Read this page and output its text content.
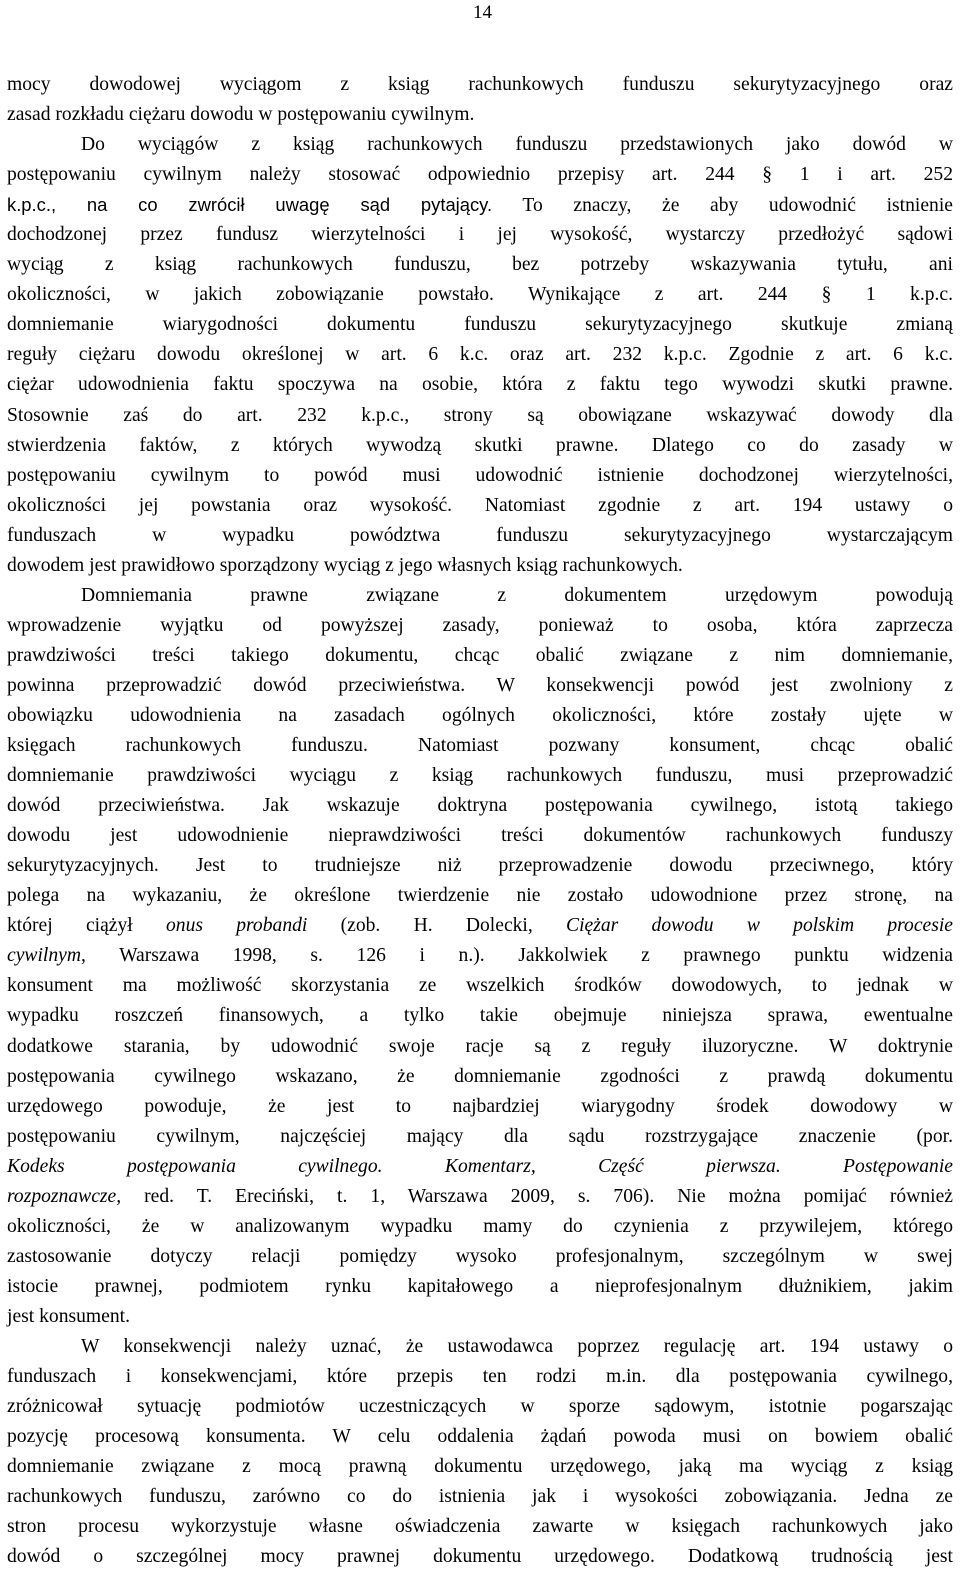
14
mocy dowodowej wyciągom z ksiąg rachunkowych funduszu sekurytyzacyjnego oraz
zasad rozkładu ciężaru dowodu w postępowaniu cywilnym.
Do wyciągów z ksiąg rachunkowych funduszu przedstawionych jako dowód w
postępowaniu cywilnym należy stosować odpowiednio przepisy art. 244 § 1 i art. 252
k.p.c., na co zwrócił uwagę sąd pytający. To znaczy, że aby udowodnić istnienie
dochodzonej przez fundusz wierzytelności i jej wysokość, wystarczy przedłożyć sądowi
wyciąg z ksiąg rachunkowych funduszu, bez potrzeby wskazywania tytułu, ani
okoliczności, w jakich zobowiązanie powstało. Wynikające z art. 244 § 1 k.p.c.
domniemanie wiarygodności dokumentu funduszu sekurytyzacyjnego skutkuje zmianą
reguły ciężaru dowodu określonej w art. 6 k.c. oraz art. 232 k.p.c. Zgodnie z art. 6 k.c.
ciężar udowodnienia faktu spoczywa na osobie, która z faktu tego wywodzi skutki prawne.
Stosownie zaś do art. 232 k.p.c., strony są obowiązane wskazywać dowody dla
stwierdzenia faktów, z których wywodzą skutki prawne. Dlatego co do zasady w
postępowaniu cywilnym to powód musi udowodnić istnienie dochodzonej wierzytelności,
okoliczności jej powstania oraz wysokość. Natomiast zgodnie z art. 194 ustawy o
funduszach w wypadku powództwa funduszu sekurytyzacyjnego wystarczającym
dowodem jest prawidłowo sporządzony wyciąg z jego własnych ksiąg rachunkowych.
Domniemania prawne związane z dokumentem urzędowym powodują
wprowadzenie wyjątku od powyższej zasady, ponieważ to osoba, która zaprzecza
prawdziwości treści takiego dokumentu, chcąc obalić związane z nim domniemanie,
powinna przeprowadzić dowód przeciwieństwa. W konsekwencji powód jest zwolniony z
obowiązku udowodnienia na zasadach ogólnych okoliczności, które zostały ujęte w
księgach rachunkowych funduszu. Natomiast pozwany konsument, chcąc obalić
domniemanie prawdziwości wyciągu z ksiąg rachunkowych funduszu, musi przeprowadzić
dowód przeciwieństwa. Jak wskazuje doktryna postępowania cywilnego, istotą takiego
dowodu jest udowodnienie nieprawdziwości treści dokumentów rachunkowych funduszy
sekurytyzacyjnych. Jest to trudniejsze niż przeprowadzenie dowodu przeciwnego, który
polega na wykazaniu, że określone twierdzenie nie zostało udowodnione przez stronę, na
której ciążył onus probandi (zob. H. Dolecki, Ciężar dowodu w polskim procesie
cywilnym, Warszawa 1998, s. 126 i n.). Jakkolwiek z prawnego punktu widzenia
konsument ma możliwość skorzystania ze wszelkich środków dowodowych, to jednak w
wypadku roszczeń finansowych, a tylko takie obejmuje niniejsza sprawa, ewentualne
dodatkowe starania, by udowodnić swoje racje są z reguły iluzoryczne. W doktrynie
postępowania cywilnego wskazano, że domniemanie zgodności z prawdą dokumentu
urzędowego powoduje, że jest to najbardziej wiarygodny środek dowodowy w
postępowaniu cywilnym, najczęściej mający dla sądu rozstrzygające znaczenie (por.
Kodeks postępowania cywilnego. Komentarz, Część pierwsza. Postępowanie
rozpoznawcze, red. T. Ereciński, t. 1, Warszawa 2009, s. 706). Nie można pomijać również
okoliczności, że w analizowanym wypadku mamy do czynienia z przywilejem, którego
zastosowanie dotyczy relacji pomiędzy wysoko profesjonalnym, szczególnym w swej
istocie prawnej, podmiotem rynku kapitałowego a nieprofesjonalnym dłużnikiem, jakim
jest konsument.
W konsekwencji należy uznać, że ustawodawca poprzez regulację art. 194 ustawy o
funduszach i konsekwencjami, które przepis ten rodzi m.in. dla postępowania cywilnego,
zróżnicował sytuację podmiotów uczestniczących w sporze sądowym, istotnie pogarszając
pozycję procesową konsumenta. W celu oddalenia żądań powoda musi on bowiem obalić
domniemanie związane z mocą prawną dokumentu urzędowego, jaką ma wyciąg z ksiąg
rachunkowych funduszu, zarówno co do istnienia jak i wysokości zobowiązania. Jedna ze
stron procesu wykorzystuje własne oświadczenia zawarte w księgach rachunkowych jako
dowód o szczególnej mocy prawnej dokumentu urzędowego. Dodatkową trudnością jest
